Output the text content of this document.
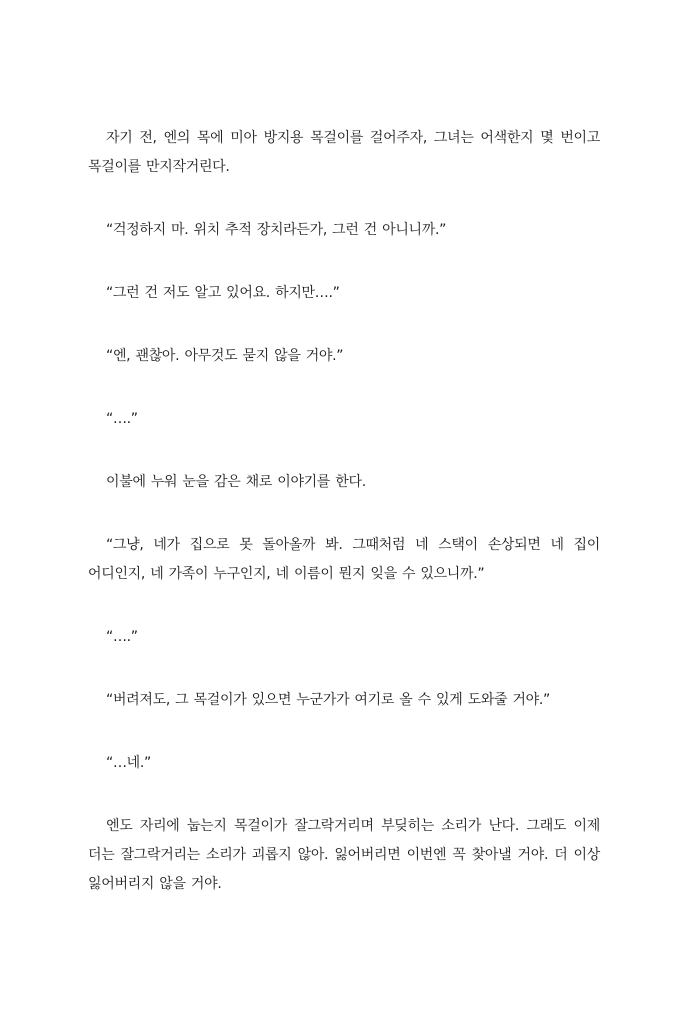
자기 전, 엔의 목에 미아 방지용 목걸이를 걸어주자, 그녀는 어색한지 몇 번이고 목걸이를 만지작거린다.

“걱정하지 마. 위치 추적 장치라든가, 그런 건 아니니까.”

“그런 건 저도 알고 있어요. 하지만….”

“엔, 괜찮아. 아무것도 묻지 않을 거야.”

“….”

이불에 누워 눈을 감은 채로 이야기를 한다.

“그냥, 네가 집으로 못 돌아올까 봐. 그때처럼 네 스택이 손상되면 네 집이 어디인지, 네 가족이 누구인지, 네 이름이 뭔지 잊을 수 있으니까.”

“….”

“버려져도, 그 목걸이가 있으면 누군가가 여기로 올 수 있게 도와줄 거야.”

“…네.”

엔도 자리에 눕는지 목걸이가 잘그락거리며 부딪히는 소리가 난다. 그래도 이제 더는 잘그락거리는 소리가 괴롭지 않아. 잃어버리면 이번엔 꼭 찾아낼 거야. 더 이상 잃어버리지 않을 거야.
